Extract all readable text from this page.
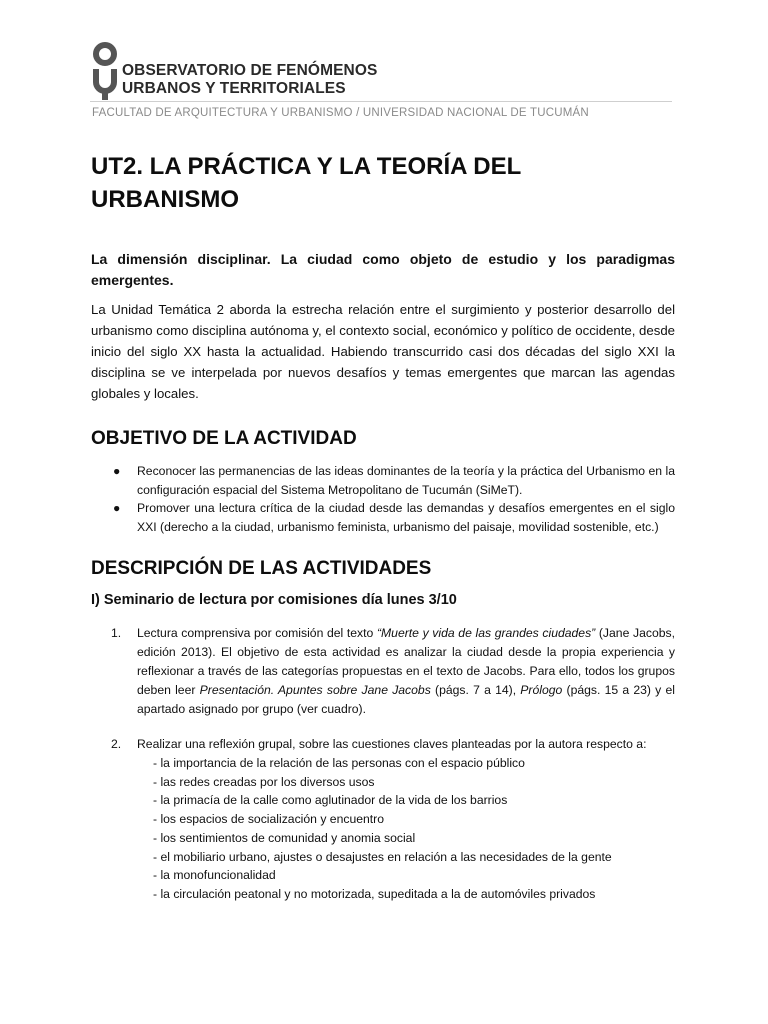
OBSERVATORIO DE FENÓMENOS
URBANOS Y TERRITORIALES
FACULTAD DE ARQUITECTURA Y URBANISMO / UNIVERSIDAD NACIONAL DE TUCUMÁN
UT2. LA PRÁCTICA Y LA TEORÍA DEL
URBANISMO

La dimensión disciplinar. La ciudad como objeto de estudio y los paradigmas emergentes.

La Unidad Temática 2 aborda la estrecha relación entre el surgimiento y posterior desarrollo del urbanismo como disciplina autónoma y, el contexto social, económico y político de occidente, desde inicio del siglo XX hasta la actualidad. Habiendo transcurrido casi dos décadas del siglo XXI la disciplina se ve interpelada por nuevos desafíos y temas emergentes que marcan las agendas globales y locales.

OBJETIVO DE LA ACTIVIDAD
● Reconocer las permanencias de las ideas dominantes de la teoría y la práctica del Urbanismo en la configuración espacial del Sistema Metropolitano de Tucumán (SiMeT).
● Promover una lectura crítica de la ciudad desde las demandas y desafíos emergentes en el siglo XXI (derecho a la ciudad, urbanismo feminista, urbanismo del paisaje, movilidad sostenible, etc.)
DESCRIPCIÓN DE LAS ACTIVIDADES
I) Seminario de lectura por comisiones día lunes 3/10
1. Lectura comprensiva por comisión del texto “Muerte y vida de las grandes ciudades” (Jane Jacobs, edición 2013). El objetivo de esta actividad es analizar la ciudad desde la propia experiencia y reflexionar a través de las categorías propuestas en el texto de Jacobs. Para ello, todos los grupos deben leer Presentación. Apuntes sobre Jane Jacobs (págs. 7 a 14), Prólogo (págs. 15 a 23) y el apartado asignado por grupo (ver cuadro).
2. Realizar una reflexión grupal, sobre las cuestiones claves planteadas por la autora respecto a:
- la importancia de la relación de las personas con el espacio público
- las redes creadas por los diversos usos
- la primacía de la calle como aglutinador de la vida de los barrios
- los espacios de socialización y encuentro
- los sentimientos de comunidad y anomia social
- el mobiliario urbano, ajustes o desajustes en relación a las necesidades de la gente
- la monofuncionalidad
- la circulación peatonal y no motorizada, supeditada a la de automóviles privados
